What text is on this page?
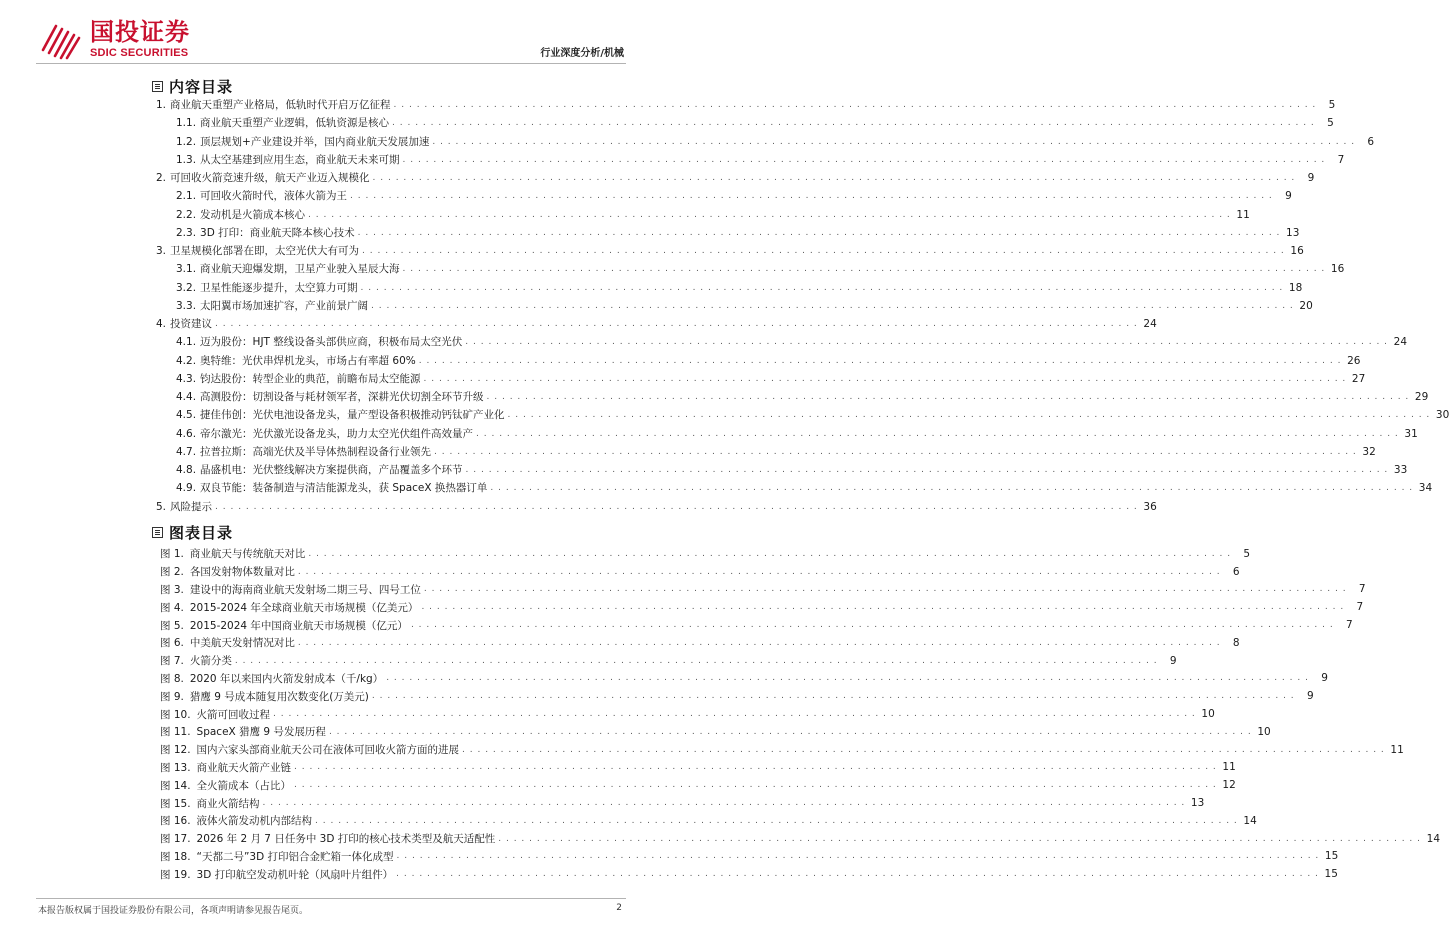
国投证券
SDIC SECURITIES	行业深度分析/机械
内容目录
1. 商业航天重塑产业格局，低轨时代开启万亿征程 . . . . . . . . . . . . . . . . . . . . . . . . . . . . . . . . . . . . . . . . . . . . . . . . . . . . . . . . . . . . . . . . . . . . . . . . . . . . . . . . . . . . . . . . . . . . . . . . . . . . . . . . . . . . . . . . . . . . . . . .	5
1.1. 商业航天重塑产业逻辑，低轨资源是核心 . . . . . . . . . . . . . . . . . . . . . . . . . . . . . . . . . . . . . . . . . . . . . . . . . . . . . . . . . . . . . . . . . . . . . . . . . . . . . . . . . . . . . . . . . . . . . . . . . . . . . . . . . . . . . . . . . . . . . . . .	5
1.2. 顶层规划+产业建设并举，国内商业航天发展加速 . . . . . . . . . . . . . . . . . . . . . . . . . . . . . . . . . . . . . . . . . . . . . . . . . . . . . . . . . . . . . . . . . . . . . . . . . . . . . . . . . . . . . . . . . . . . . . . . . . . . . . . . . . . . . . . . . . . . . . . .	6
1.3. 从太空基建到应用生态，商业航天未来可期 . . . . . . . . . . . . . . . . . . . . . . . . . . . . . . . . . . . . . . . . . . . . . . . . . . . . . . . . . . . . . . . . . . . . . . . . . . . . . . . . . . . . . . . . . . . . . . . . . . . . . . . . . . . . . . . . . . . . . . . .	7
2. 可回收火箭竞速升级，航天产业迈入规模化 . . . . . . . . . . . . . . . . . . . . . . . . . . . . . . . . . . . . . . . . . . . . . . . . . . . . . . . . . . . . . . . . . . . . . . . . . . . . . . . . . . . . . . . . . . . . . . . . . . . . . . . . . . . . . . . . . . . . . . . .	9
2.1. 可回收火箭时代，液体火箭为王 . . . . . . . . . . . . . . . . . . . . . . . . . . . . . . . . . . . . . . . . . . . . . . . . . . . . . . . . . . . . . . . . . . . . . . . . . . . . . . . . . . . . . . . . . . . . . . . . . . . . . . . . . . . . . . . . . . . . . . . .	9
2.2. 发动机是火箭成本核心 . . . . . . . . . . . . . . . . . . . . . . . . . . . . . . . . . . . . . . . . . . . . . . . . . . . . . . . . . . . . . . . . . . . . . . . . . . . . . . . . . . . . . . . . . . . . . . . . . . . . . . . . . . . . . . . . . . . . . . . . 11
2.3. 3D 打印：商业航天降本核心技术 . . . . . . . . . . . . . . . . . . . . . . . . . . . . . . . . . . . . . . . . . . . . . . . . . . . . . . . . . . . . . . . . . . . . . . . . . . . . . . . . . . . . . . . . . . . . . . . . . . . . . . . . . . . . . . . . . . . . . . . . 13
3. 卫星规模化部署在即，太空光伏大有可为 . . . . . . . . . . . . . . . . . . . . . . . . . . . . . . . . . . . . . . . . . . . . . . . . . . . . . . . . . . . . . . . . . . . . . . . . . . . . . . . . . . . . . . . . . . . . . . . . . . . . . . . . . . . . . . . . . . . . . . . . 16
3.1. 商业航天迎爆发期，卫星产业驶入星辰大海 . . . . . . . . . . . . . . . . . . . . . . . . . . . . . . . . . . . . . . . . . . . . . . . . . . . . . . . . . . . . . . . . . . . . . . . . . . . . . . . . . . . . . . . . . . . . . . . . . . . . . . . . . . . . . . . . . . . . . . . . 16
3.2. 卫星性能逐步提升，太空算力可期 . . . . . . . . . . . . . . . . . . . . . . . . . . . . . . . . . . . . . . . . . . . . . . . . . . . . . . . . . . . . . . . . . . . . . . . . . . . . . . . . . . . . . . . . . . . . . . . . . . . . . . . . . . . . . . . . . . . . . . . . 18
3.3. 太阳翼市场加速扩容，产业前景广阔 . . . . . . . . . . . . . . . . . . . . . . . . . . . . . . . . . . . . . . . . . . . . . . . . . . . . . . . . . . . . . . . . . . . . . . . . . . . . . . . . . . . . . . . . . . . . . . . . . . . . . . . . . . . . . . . . . . . . . . . . 20
4. 投资建议 . . . . . . . . . . . . . . . . . . . . . . . . . . . . . . . . . . . . . . . . . . . . . . . . . . . . . . . . . . . . . . . . . . . . . . . . . . . . . . . . . . . . . . . . . . . . . . . . . . . . . . . . . . . . . . . . . . . . . . . . 24
4.1. 迈为股份：HJT 整线设备头部供应商，积极布局太空光伏 . . . . . . . . . . . . . . . . . . . . . . . . . . . . . . . . . . . . . . . . . . . . . . . . . . . . . . . . . . . . . . . . . . . . . . . . . . . . . . . . . . . . . . . . . . . . . . . . . . . . . . . . . . . . . . . . . . . . . . . . 24
4.2. 奥特维：光伏串焊机龙头，市场占有率超 60% . . . . . . . . . . . . . . . . . . . . . . . . . . . . . . . . . . . . . . . . . . . . . . . . . . . . . . . . . . . . . . . . . . . . . . . . . . . . . . . . . . . . . . . . . . . . . . . . . . . . . . . . . . . . . . . . . . . . . . . . 26
4.3. 钧达股份：转型企业的典范，前瞻布局太空能源 . . . . . . . . . . . . . . . . . . . . . . . . . . . . . . . . . . . . . . . . . . . . . . . . . . . . . . . . . . . . . . . . . . . . . . . . . . . . . . . . . . . . . . . . . . . . . . . . . . . . . . . . . . . . . . . . . . . . . . . . 27
4.4. 高测股份：切割设备与耗材领军者，深耕光伏切割全环节升级 . . . . . . . . . . . . . . . . . . . . . . . . . . . . . . . . . . . . . . . . . . . . . . . . . . . . . . . . . . . . . . . . . . . . . . . . . . . . . . . . . . . . . . . . . . . . . . . . . . . . . . . . . . . . . . . . . . . . . . . . 29
4.5. 捷佳伟创：光伏电池设备龙头，量产型设备积极推动钙钛矿产业化 . . . . . . . . . . . . . . . . . . . . . . . . . . . . . . . . . . . . . . . . . . . . . . . . . . . . . . . . . . . . . . . . . . . . . . . . . . . . . . . . . . . . . . . . . . . . . . . . . . . . . . . . . . . . . . . . . . . . . . . . 30
4.6. 帝尔激光：光伏激光设备龙头，助力太空光伏组件高效量产 . . . . . . . . . . . . . . . . . . . . . . . . . . . . . . . . . . . . . . . . . . . . . . . . . . . . . . . . . . . . . . . . . . . . . . . . . . . . . . . . . . . . . . . . . . . . . . . . . . . . . . . . . . . . . . . . . . . . . . . . 31
4.7. 拉普拉斯：高端光伏及半导体热制程设备行业领先 . . . . . . . . . . . . . . . . . . . . . . . . . . . . . . . . . . . . . . . . . . . . . . . . . . . . . . . . . . . . . . . . . . . . . . . . . . . . . . . . . . . . . . . . . . . . . . . . . . . . . . . . . . . . . . . . . . . . . . . . 32
4.8. 晶盛机电：光伏整线解决方案提供商，产品覆盖多个环节 . . . . . . . . . . . . . . . . . . . . . . . . . . . . . . . . . . . . . . . . . . . . . . . . . . . . . . . . . . . . . . . . . . . . . . . . . . . . . . . . . . . . . . . . . . . . . . . . . . . . . . . . . . . . . . . . . . . . . . . . 33
4.9. 双良节能：装备制造与清洁能源龙头，获 SpaceX 换热器订单 . . . . . . . . . . . . . . . . . . . . . . . . . . . . . . . . . . . . . . . . . . . . . . . . . . . . . . . . . . . . . . . . . . . . . . . . . . . . . . . . . . . . . . . . . . . . . . . . . . . . . . . . . . . . . . . . . . . . . . . . 34
5. 风险提示 . . . . . . . . . . . . . . . . . . . . . . . . . . . . . . . . . . . . . . . . . . . . . . . . . . . . . . . . . . . . . . . . . . . . . . . . . . . . . . . . . . . . . . . . . . . . . . . . . . . . . . . . . . . . . . . . . . . . . . . . 36
图表目录
图 1. 商业航天与传统航天对比 . . . . . . . . . . . . . . . . . . . . . . . . . . . . . . . . . . . . . . . . . . . . . . . . . . . . . . . . . . . . . . . . . . . . . . . . . . . . . . . . . . . . . . . . . . . . . . . . . . . . . . . . . . . . . . . . . . . . . . . .	5
图 2. 各国发射物体数量对比 . . . . . . . . . . . . . . . . . . . . . . . . . . . . . . . . . . . . . . . . . . . . . . . . . . . . . . . . . . . . . . . . . . . . . . . . . . . . . . . . . . . . . . . . . . . . . . . . . . . . . . . . . . . . . . . . . . . . . . . .	6
图 3. 建设中的海南商业航天发射场二期三号、四号工位 . . . . . . . . . . . . . . . . . . . . . . . . . . . . . . . . . . . . . . . . . . . . . . . . . . . . . . . . . . . . . . . . . . . . . . . . . . . . . . . . . . . . . . . . . . . . . . . . . . . . . . . . . . . . . . . . . . . . . . . .	7
图 4. 2015-2024 年全球商业航天市场规模（亿美元） . . . . . . . . . . . . . . . . . . . . . . . . . . . . . . . . . . . . . . . . . . . . . . . . . . . . . . . . . . . . . . . . . . . . . . . . . . . . . . . . . . . . . . . . . . . . . . . . . . . . . . . . . . . . . . . . . . . . . . . .	7
图 5. 2015-2024 年中国商业航天市场规模（亿元） . . . . . . . . . . . . . . . . . . . . . . . . . . . . . . . . . . . . . . . . . . . . . . . . . . . . . . . . . . . . . . . . . . . . . . . . . . . . . . . . . . . . . . . . . . . . . . . . . . . . . . . . . . . . . . . . . . . . . . . .	7
图 6. 中美航天发射情况对比 . . . . . . . . . . . . . . . . . . . . . . . . . . . . . . . . . . . . . . . . . . . . . . . . . . . . . . . . . . . . . . . . . . . . . . . . . . . . . . . . . . . . . . . . . . . . . . . . . . . . . . . . . . . . . . . . . . . . . . . .	8
图 7. 火箭分类 . . . . . . . . . . . . . . . . . . . . . . . . . . . . . . . . . . . . . . . . . . . . . . . . . . . . . . . . . . . . . . . . . . . . . . . . . . . . . . . . . . . . . . . . . . . . . . . . . . . . . . . . . . . . . . . . . . . . . . . .	9
图 8. 2020 年以来国内火箭发射成本（千/kg） . . . . . . . . . . . . . . . . . . . . . . . . . . . . . . . . . . . . . . . . . . . . . . . . . . . . . . . . . . . . . . . . . . . . . . . . . . . . . . . . . . . . . . . . . . . . . . . . . . . . . . . . . . . . . . . . . . . . . . . .	9
图 9. 猎鹰 9 号成本随复用次数变化(万美元) . . . . . . . . . . . . . . . . . . . . . . . . . . . . . . . . . . . . . . . . . . . . . . . . . . . . . . . . . . . . . . . . . . . . . . . . . . . . . . . . . . . . . . . . . . . . . . . . . . . . . . . . . . . . . . . . . . . . . . . .	9
图 10. 火箭可回收过程 . . . . . . . . . . . . . . . . . . . . . . . . . . . . . . . . . . . . . . . . . . . . . . . . . . . . . . . . . . . . . . . . . . . . . . . . . . . . . . . . . . . . . . . . . . . . . . . . . . . . . . . . . . . . . . . . . . . . . . . . 10
图 11. SpaceX 猎鹰 9 号发展历程 . . . . . . . . . . . . . . . . . . . . . . . . . . . . . . . . . . . . . . . . . . . . . . . . . . . . . . . . . . . . . . . . . . . . . . . . . . . . . . . . . . . . . . . . . . . . . . . . . . . . . . . . . . . . . . . . . . . . . . . . 10
图 12. 国内六家头部商业航天公司在液体可回收火箭方面的进展 . . . . . . . . . . . . . . . . . . . . . . . . . . . . . . . . . . . . . . . . . . . . . . . . . . . . . . . . . . . . . . . . . . . . . . . . . . . . . . . . . . . . . . . . . . . . . . . . . . . . . . . . . . . . . . . . . . . . . . . . 11
图 13. 商业航天火箭产业链 . . . . . . . . . . . . . . . . . . . . . . . . . . . . . . . . . . . . . . . . . . . . . . . . . . . . . . . . . . . . . . . . . . . . . . . . . . . . . . . . . . . . . . . . . . . . . . . . . . . . . . . . . . . . . . . . . . . . . . . . 11
图 14. 全火箭成本（占比） . . . . . . . . . . . . . . . . . . . . . . . . . . . . . . . . . . . . . . . . . . . . . . . . . . . . . . . . . . . . . . . . . . . . . . . . . . . . . . . . . . . . . . . . . . . . . . . . . . . . . . . . . . . . . . . . . . . . . . . . 12
图 15. 商业火箭结构 . . . . . . . . . . . . . . . . . . . . . . . . . . . . . . . . . . . . . . . . . . . . . . . . . . . . . . . . . . . . . . . . . . . . . . . . . . . . . . . . . . . . . . . . . . . . . . . . . . . . . . . . . . . . . . . . . . . . . . . . 13
图 16. 液体火箭发动机内部结构 . . . . . . . . . . . . . . . . . . . . . . . . . . . . . . . . . . . . . . . . . . . . . . . . . . . . . . . . . . . . . . . . . . . . . . . . . . . . . . . . . . . . . . . . . . . . . . . . . . . . . . . . . . . . . . . . . . . . . . . . 14
图 17. 2026 年 2 月 7 日任务中 3D 打印的核心技术类型及航天适配性 . . . . . . . . . . . . . . . . . . . . . . . . . . . . . . . . . . . . . . . . . . . . . . . . . . . . . . . . . . . . . . . . . . . . . . . . . . . . . . . . . . . . . . . . . . . . . . . . . . . . . . . . . . . . . . . . . . . . . . . . 14
图 18. “天都二号”3D 打印铝合金贮箱一体化成型 . . . . . . . . . . . . . . . . . . . . . . . . . . . . . . . . . . . . . . . . . . . . . . . . . . . . . . . . . . . . . . . . . . . . . . . . . . . . . . . . . . . . . . . . . . . . . . . . . . . . . . . . . . . . . . . . . . . . . . . . 15
图 19. 3D 打印航空发动机叶轮（风扇叶片组件） . . . . . . . . . . . . . . . . . . . . . . . . . . . . . . . . . . . . . . . . . . . . . . . . . . . . . . . . . . . . . . . . . . . . . . . . . . . . . . . . . . . . . . . . . . . . . . . . . . . . . . . . . . . . . . . . . . . . . . . . 15
本报告版权属于国投证券股份有限公司，各项声明请参见报告尾页。	2
